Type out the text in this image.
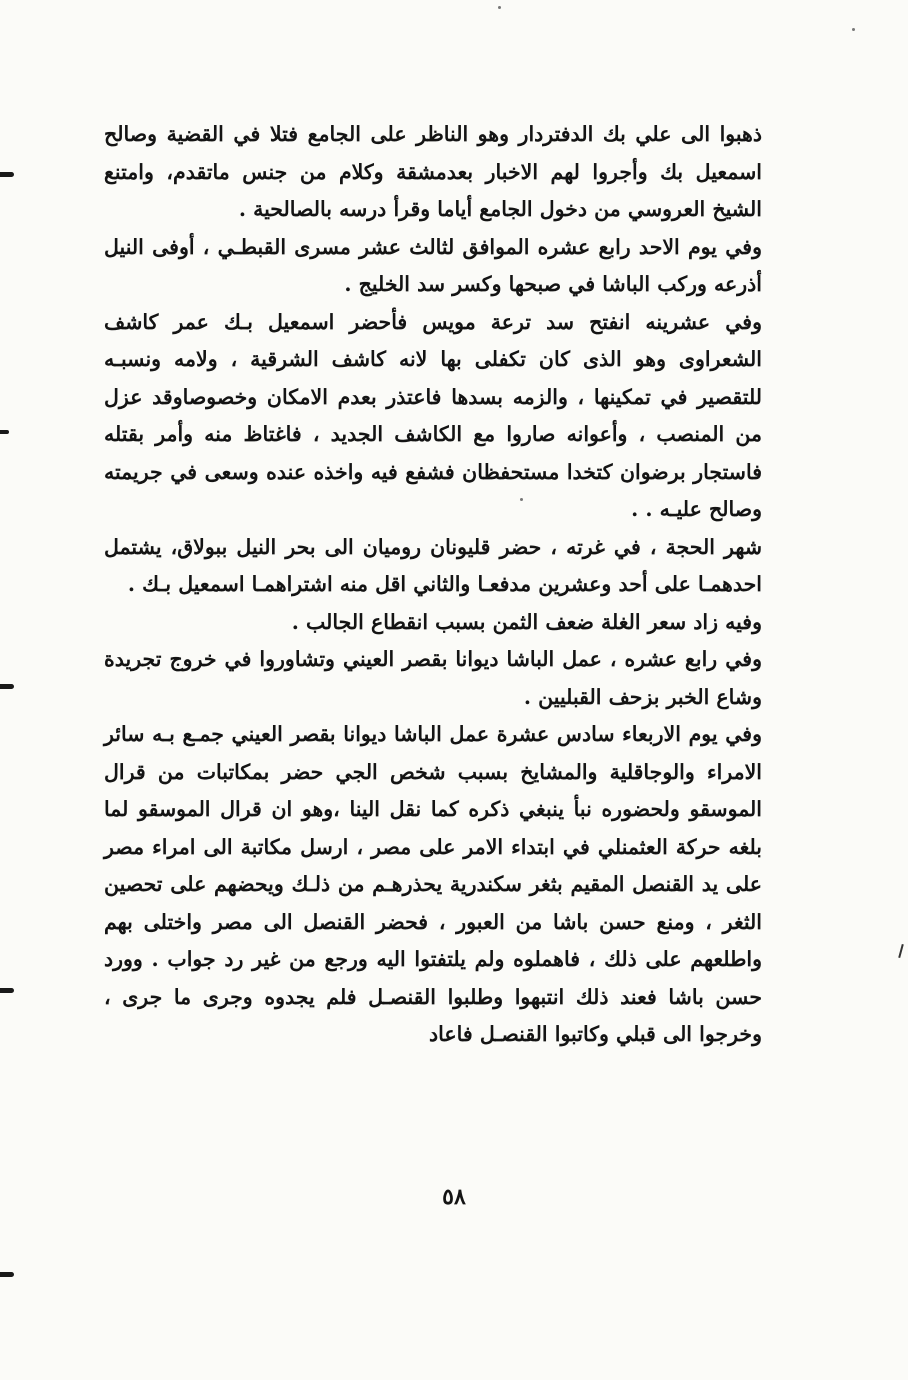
ذهبوا الى علي بك الدفتردار وهو الناظر على الجامع فتلا في القضية وصالح اسمعيل بك وأجروا لهم الاخبار بعدمشقة وكلام من جنس ماتقدم، وامتنع الشيخ العروسي من دخول الجامع أياما وقرأ درسه بالصالحية .

وفي يوم الاحد رابع عشره الموافق لثالث عشر مسرى القبطـي ، أوفى النيل أذرعه وركب الباشا في صبحها وكسر سد الخليج .

وفي عشرينه انفتح سد ترعة مويس فأحضر اسمعيل بـك عمر كاشف الشعراوى وهو الذى كان تكفلى بها لانه كاشف الشرقية ، ولامه ونسبـه للتقصير في تمكينها ، والزمه بسدها فاعتذر بعدم الامكان وخصوصاوقد عزل من المنصب ، وأعوانه صاروا مع الكاشف الجديد ، فاغتاظ منه وأمر بقتله فاستجار برضوان كتخدا مستحفظان فشفع فيه واخذه عنده وسعى في جريمته وصالح عليـه . .

شهر الحجة ، في غرته ، حضر قليونان روميان الى بحر النيل ببولاق، يشتمل احدهمـا على أحد وعشرين مدفعـا والثاني اقل منه اشتراهمـا اسمعيل بـك .

وفيه زاد سعر الغلة ضعف الثمن بسبب انقطاع الجالب .

وفي رابع عشره ، عمل الباشا ديوانا بقصر العيني وتشاوروا في خروج تجريدة وشاع الخبر بزحف القبليين .

وفي يوم الاربعاء سادس عشرة عمل الباشا ديوانا بقصر العيني جمـع بـه سائر الامراء والوجاقلية والمشايخ بسبب شخص الجي حضر بمكاتبات من قرال الموسقو ولحضوره نبأ ينبغي ذكره كما نقل الينا ،وهو ان قرال الموسقو لما بلغه حركة العثمنلي في ابتداء الامر على مصر ، ارسل مكاتبة الى امراء مصر على يد القنصل المقيم بثغر سكندرية يحذرهـم من ذلـك ويحضهم على تحصين الثغر ، ومنع حسن باشا من العبور ، فحضر القنصل الى مصر واختلى بهم واطلعهم على ذلك ، فاهملوه ولم يلتفتوا اليه ورجع من غير رد جواب . وورد حسن باشا فعند ذلك انتبهوا وطلبوا القنصـل فلم يجدوه وجرى ما جرى ، وخرجوا الى قبلي وكاتبوا القنصـل فاعاد

٥٨
